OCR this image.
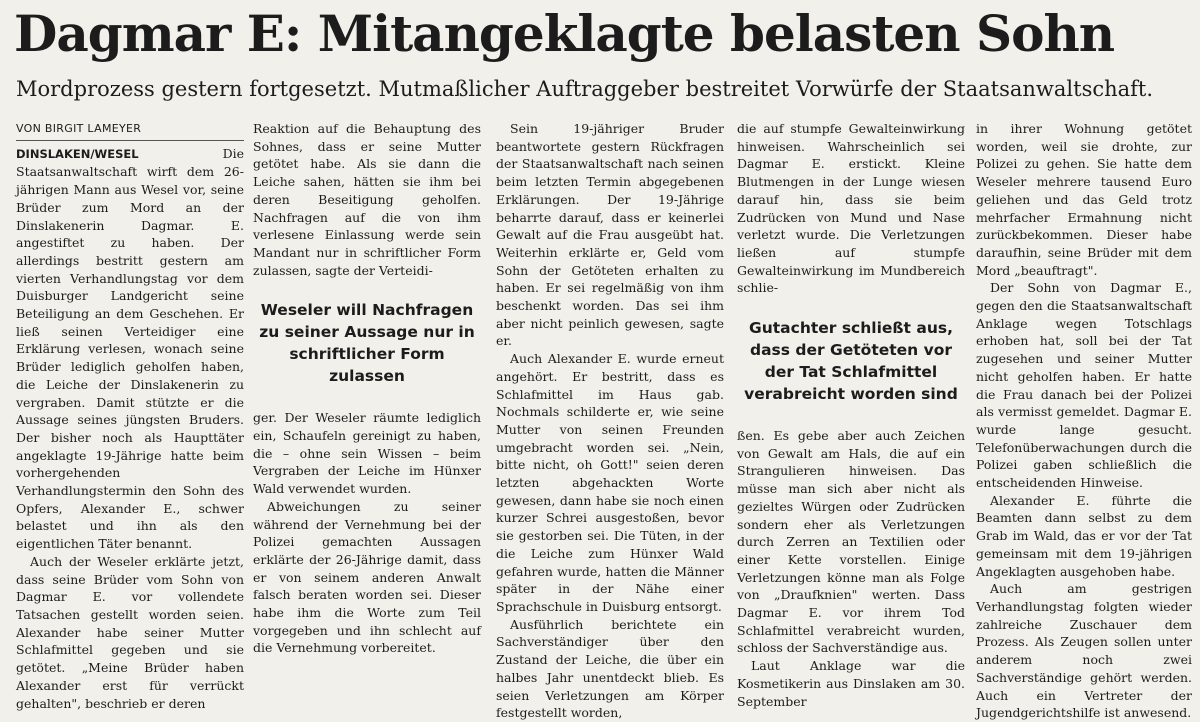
Dagmar E: Mitangeklagte belasten Sohn
Mordprozess gestern fortgesetzt. Mutmaßlicher Auftraggeber bestreitet Vorwürfe der Staatsanwaltschaft.
VON BIRGIT LAMEYER

DINSLAKEN/WESEL	Die Staatsanwaltschaft wirft dem 26-jährigen Mann aus Wesel vor, seine Brüder zum Mord an der Dinslakenerin Dagmar. E. angestiftet zu haben. Der allerdings bestritt gestern am vierten Verhandlungstag vor dem Duisburger Landgericht seine Beteiligung an dem Geschehen. Er ließ seinen Verteidiger eine Erklärung verlesen, wonach seine Brüder lediglich geholfen haben, die Leiche der Dinslakenerin zu vergraben. Damit stützte er die Aussage seines jüngsten Bruders. Der bisher noch als Haupttäter angeklagte 19-Jährige hatte beim vorhergehenden Verhandlungstermin den Sohn des Opfers, Alexander E., schwer belastet und ihn als den eigentlichen Täter benannt.

Auch der Weseler erklärte jetzt, dass seine Brüder vom Sohn von Dagmar E. vor vollendete Tatsachen gestellt worden seien. Alexander habe seiner Mutter Schlafmittel gegeben und sie getötet. „Meine Brüder haben Alexander erst für verrückt gehalten", beschrieb er deren

Reaktion auf die Behauptung des Sohnes, dass er seine Mutter getötet habe. Als sie dann die Leiche sahen, hätten sie ihm bei deren Beseitigung geholfen. Nachfragen auf die von ihm verlesene Einlassung werde sein Mandant nur in schriftlicher Form zulassen, sagte der Verteidi-

Weseler will Nachfragen zu seiner Aussage nur in schriftlicher Form zulassen

ger. Der Weseler räumte lediglich ein, Schaufeln gereinigt zu haben, die – ohne sein Wissen – beim Vergraben der Leiche im Hünxer Wald verwendet wurden.

Abweichungen zu seiner während der Vernehmung bei der Polizei gemachten Aussagen erklärte der 26-Jährige damit, dass er von seinem anderen Anwalt falsch beraten worden sei. Dieser habe ihm die Worte zum Teil vorgegeben und ihn schlecht auf die Vernehmung vorbereitet.

Sein 19-jähriger Bruder beantwortete gestern Rückfragen der Staatsanwaltschaft nach seinen beim letzten Termin abgegebenen Erklärungen. Der 19-Jährige beharrte darauf, dass er keinerlei Gewalt auf die Frau ausgeübt hat. Weiterhin erklärte er, Geld vom Sohn der Getöteten erhalten zu haben. Er sei regelmäßig von ihm beschenkt worden. Das sei ihm aber nicht peinlich gewesen, sagte er.

Auch Alexander E. wurde erneut angehört. Er bestritt, dass es Schlafmittel im Haus gab. Nochmals schilderte er, wie seine Mutter von seinen Freunden umgebracht worden sei. „Nein, bitte nicht, oh Gott!" seien deren letzten abgehackten Worte gewesen, dann habe sie noch einen kurzer Schrei ausgestoßen, bevor sie gestorben sei. Die Tüten, in der die Leiche zum Hünxer Wald gefahren wurde, hatten die Männer später in der Nähe einer Sprachschule in Duisburg entsorgt.

Ausführlich berichtete ein Sachverständiger über den Zustand der Leiche, die über ein halbes Jahr unentdeckt blieb. Es seien Verletzungen am Körper festgestellt worden,

die auf stumpfe Gewalteinwirkung hinweisen. Wahrscheinlich sei Dagmar E. erstickt. Kleine Blutmengen in der Lunge wiesen darauf hin, dass sie beim Zudrücken von Mund und Nase verletzt wurde. Die Verletzungen ließen auf stumpfe Gewalteinwirkung im Mundbereich schlie-

Gutachter schließt aus, dass der Getöteten vor der Tat Schlafmittel verabreicht worden sind

ßen. Es gebe aber auch Zeichen von Gewalt am Hals, die auf ein Strangulieren hinweisen. Das müsse man sich aber nicht als gezieltes Würgen oder Zudrücken sondern eher als Verletzungen durch Zerren an Textilien oder einer Kette vorstellen. Einige Verletzungen könne man als Folge von „Draufknien" werten. Dass Dagmar E. vor ihrem Tod Schlafmittel verabreicht wurden, schloss der Sachverständige aus.

Laut Anklage war die Kosmetikerin aus Dinslaken am 30. September

in ihrer Wohnung getötet worden, weil sie drohte, zur Polizei zu gehen. Sie hatte dem Weseler mehrere tausend Euro geliehen und das Geld trotz mehrfacher Ermahnung nicht zurückbekommen. Dieser habe daraufhin, seine Brüder mit dem Mord „beauftragt".

Der Sohn von Dagmar E., gegen den die Staatsanwaltschaft Anklage wegen Totschlags erhoben hat, soll bei der Tat zugesehen und seiner Mutter nicht geholfen haben. Er hatte die Frau danach bei der Polizei als vermisst gemeldet. Dagmar E. wurde lange gesucht. Telefonüberwachungen durch die Polizei gaben schließlich die entscheidenden Hinweise.

Alexander E. führte die Beamten dann selbst zu dem Grab im Wald, das er vor der Tat gemeinsam mit dem 19-jährigen Angeklagten ausgehoben habe.

Auch am gestrigen Verhandlungstag folgten wieder zahlreiche Zuschauer dem Prozess. Als Zeugen sollen unter anderem noch zwei Sachverständige gehört werden. Auch ein Vertreter der Jugendgerichtshilfe ist anwesend.
